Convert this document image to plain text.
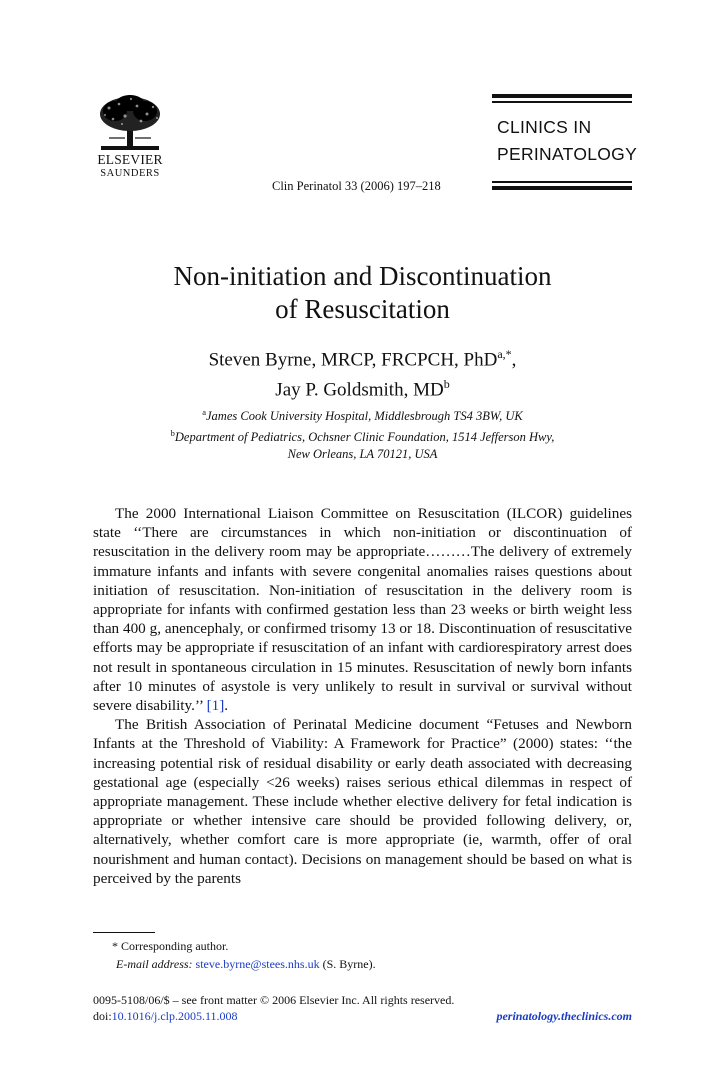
ELSEVIER
SAUNDERS
CLINICS IN
PERINATOLOGY
Clin Perinatol 33 (2006) 197–218
Non-initiation and Discontinuation
of Resuscitation
Steven Byrne, MRCP, FRCPCH, PhD$^{a,*}$,
Jay P. Goldsmith, $MD^b$
$^a$James Cook University Hospital, Middlesbrough TS4 3BW, UK
$^b$Department of Pediatrics, Ochsner Clinic Foundation, 1514 Jefferson Hwy,
New Orleans, LA 70121, USA

The 2000 International Liaison Committee on Resuscitation (ILCOR) guidelines state ‘‘There are circumstances in which non-initiation or discontinuation of resuscitation in the delivery room may be appropriate………The delivery of extremely immature infants and infants with severe congenital anomalies raises questions about initiation of resuscitation. Non-initiation of resuscitation in the delivery room is appropriate for infants with confirmed gestation less than 23 weeks or birth weight less than 400 g, anencephaly, or confirmed trisomy 13 or 18. Discontinuation of resuscitative efforts may be appropriate if resuscitation of an infant with cardiorespiratory arrest does not result in spontaneous circulation in 15 minutes. Resuscitation of newly born infants after 10 minutes of asystole is very unlikely to result in survival or survival without severe disability.’’ [1].

The British Association of Perinatal Medicine document “Fetuses and Newborn Infants at the Threshold of Viability: A Framework for Practice” (2000) states: ‘‘the increasing potential risk of residual disability or early death associated with decreasing gestational age (especially <26 weeks) raises serious ethical dilemmas in respect of appropriate management. These include whether elective delivery for fetal indication is appropriate or whether intensive care should be provided following delivery, or, alternatively, whether comfort care is more appropriate (ie, warmth, offer of oral nourishment and human contact). Decisions on management should be based on what is perceived by the parents

* Corresponding author.
E-mail address: steve.byrne@stees.nhs.uk (S. Byrne).
0095-5108/06/$ – see front matter © 2006 Elsevier Inc. All rights reserved.
doi:10.1016/j.clp.2005.11.008	perinatology.theclinics.com
